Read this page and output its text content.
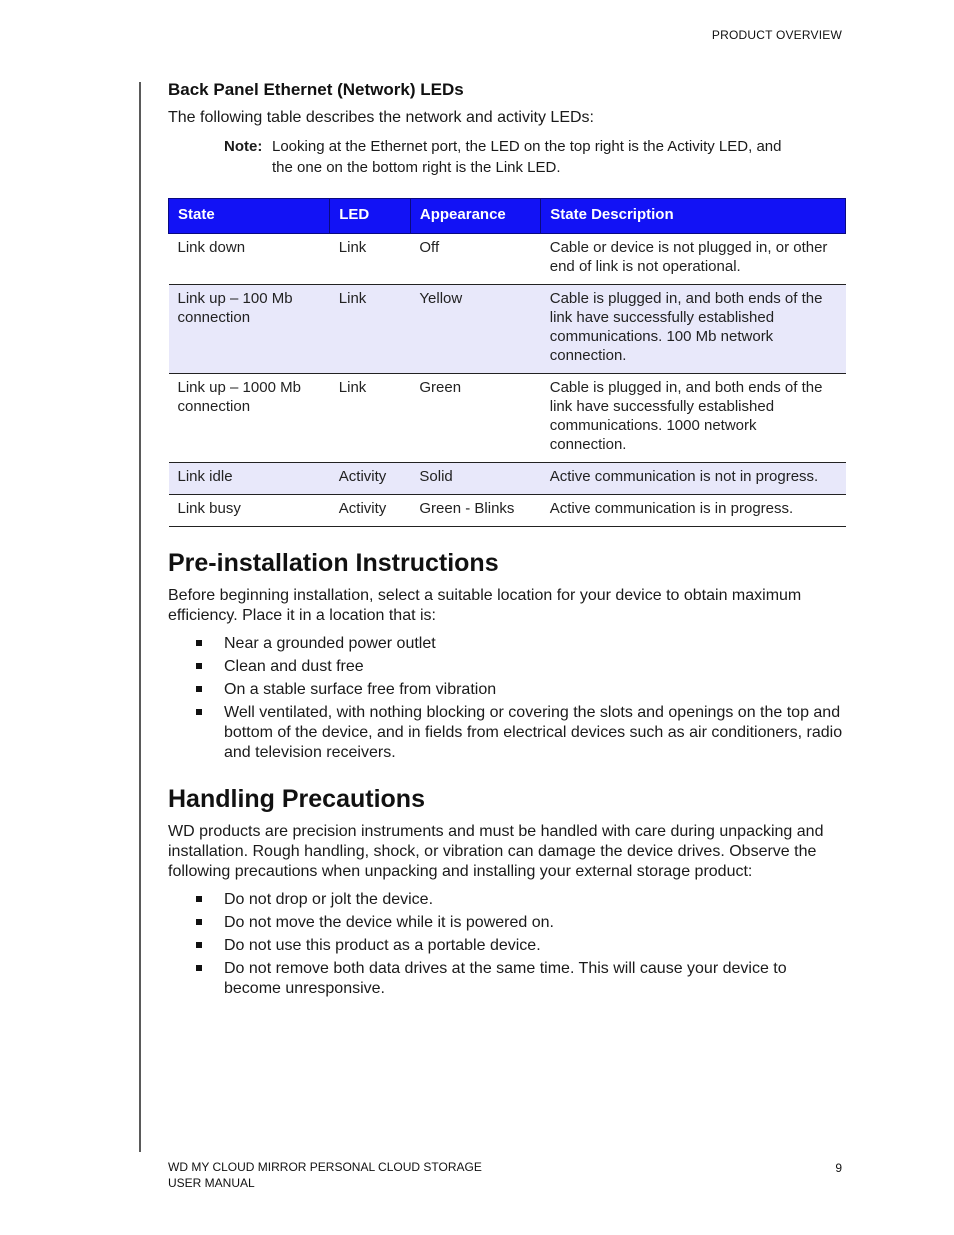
PRODUCT OVERVIEW
Back Panel Ethernet (Network) LEDs

The following table describes the network and activity LEDs:

Note: Looking at the Ethernet port, the LED on the top right is the Activity LED, and the one on the bottom right is the Link LED.
State	LED	Appearance	State Description
Link down	Link	Off	Cable or device is not plugged in, or other end of link is not operational.
Link up – 100 Mb connection	Link	Yellow	Cable is plugged in, and both ends of the link have successfully established communications. 100 Mb network connection.
Link up – 1000 Mb connection	Link	Green	Cable is plugged in, and both ends of the link have successfully established communications. 1000 network connection.
Link idle	Activity	Solid	Active communication is not in progress.
Link busy	Activity	Green - Blinks	Active communication is in progress.
Pre-installation Instructions

Before beginning installation, select a suitable location for your device to obtain maximum efficiency. Place it in a location that is:

Near a grounded power outlet
Clean and dust free
On a stable surface free from vibration
Well ventilated, with nothing blocking or covering the slots and openings on the top and bottom of the device, and in fields from electrical devices such as air conditioners, radio and television receivers.
Handling Precautions

WD products are precision instruments and must be handled with care during unpacking and installation. Rough handling, shock, or vibration can damage the device drives. Observe the following precautions when unpacking and installing your external storage product:

Do not drop or jolt the device.
Do not move the device while it is powered on.
Do not use this product as a portable device.
Do not remove both data drives at the same time. This will cause your device to become unresponsive.
WD MY CLOUD MIRROR PERSONAL CLOUD STORAGE
USER MANUAL
9
